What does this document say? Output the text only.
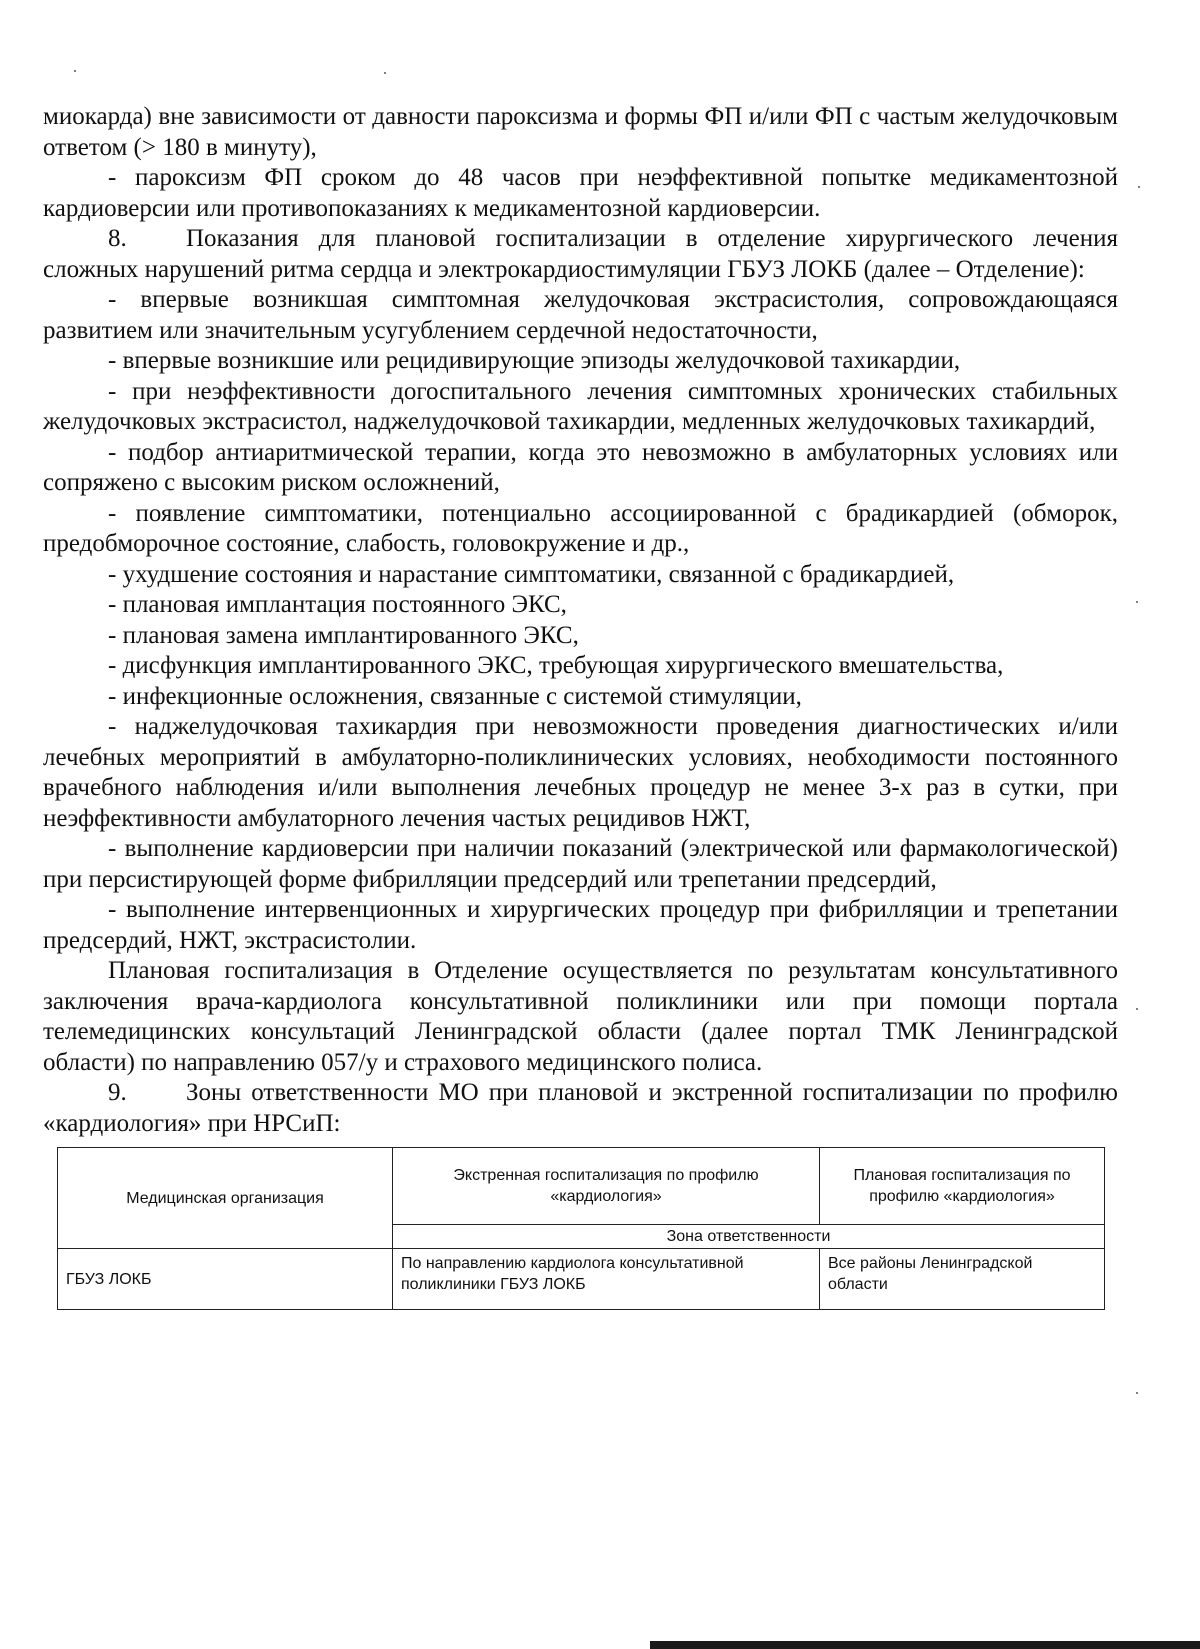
миокарда) вне зависимости от давности пароксизма и формы ФП и/или ФП с частым желудочковым ответом (> 180 в минуту),

- пароксизм ФП сроком до 48 часов при неэффективной попытке медикаментозной кардиоверсии или противопоказаниях к медикаментозной кардиоверсии.

8. Показания для плановой госпитализации в отделение хирургического лечения сложных нарушений ритма сердца и электрокардиостимуляции ГБУЗ ЛОКБ (далее – Отделение):

- впервые возникшая симптомная желудочковая экстрасистолия, сопровождающаяся развитием или значительным усугублением сердечной недостаточности,

- впервые возникшие или рецидивирующие эпизоды желудочковой тахикардии,

- при неэффективности догоспитального лечения симптомных хронических стабильных желудочковых экстрасистол, наджелудочковой тахикардии, медленных желудочковых тахикардий,

- подбор антиаритмической терапии, когда это невозможно в амбулаторных условиях или сопряжено с высоким риском осложнений,

- появление симптоматики, потенциально ассоциированной с брадикардией (обморок, предобморочное состояние, слабость, головокружение и др.,

- ухудшение состояния и нарастание симптоматики, связанной с брадикардией,

- плановая имплантация постоянного ЭКС,

- плановая замена имплантированного ЭКС,

- дисфункция имплантированного ЭКС, требующая хирургического вмешательства,

- инфекционные осложнения, связанные с системой стимуляции,

- наджелудочковая тахикардия при невозможности проведения диагностических и/или лечебных мероприятий в амбулаторно-поликлинических условиях, необходимости постоянного врачебного наблюдения и/или выполнения лечебных процедур не менее 3-х раз в сутки, при неэффективности амбулаторного лечения частых рецидивов НЖТ,

- выполнение кардиоверсии при наличии показаний (электрической или фармакологической) при персистирующей форме фибрилляции предсердий или трепетании предсердий,

- выполнение интервенционных и хирургических процедур при фибрилляции и трепетании предсердий, НЖТ, экстрасистолии.

Плановая госпитализация в Отделение осуществляется по результатам консультативного заключения врача-кардиолога консультативной поликлиники или при помощи портала телемедицинских консультаций Ленинградской области (далее портал ТМК Ленинградской области) по направлению 057/у и страхового медицинского полиса.

9. Зоны ответственности МО при плановой и экстренной госпитализации по профилю «кардиология» при НРСиП:

Медицинская организация	Экстренная госпитализация по профилю «кардиология»	Плановая госпитализация по профилю «кардиология»
	Зона ответственности	
ГБУЗ ЛОКБ	По направлению кардиолога консультативной поликлиники ГБУЗ ЛОКБ	Все районы Ленинградской области
